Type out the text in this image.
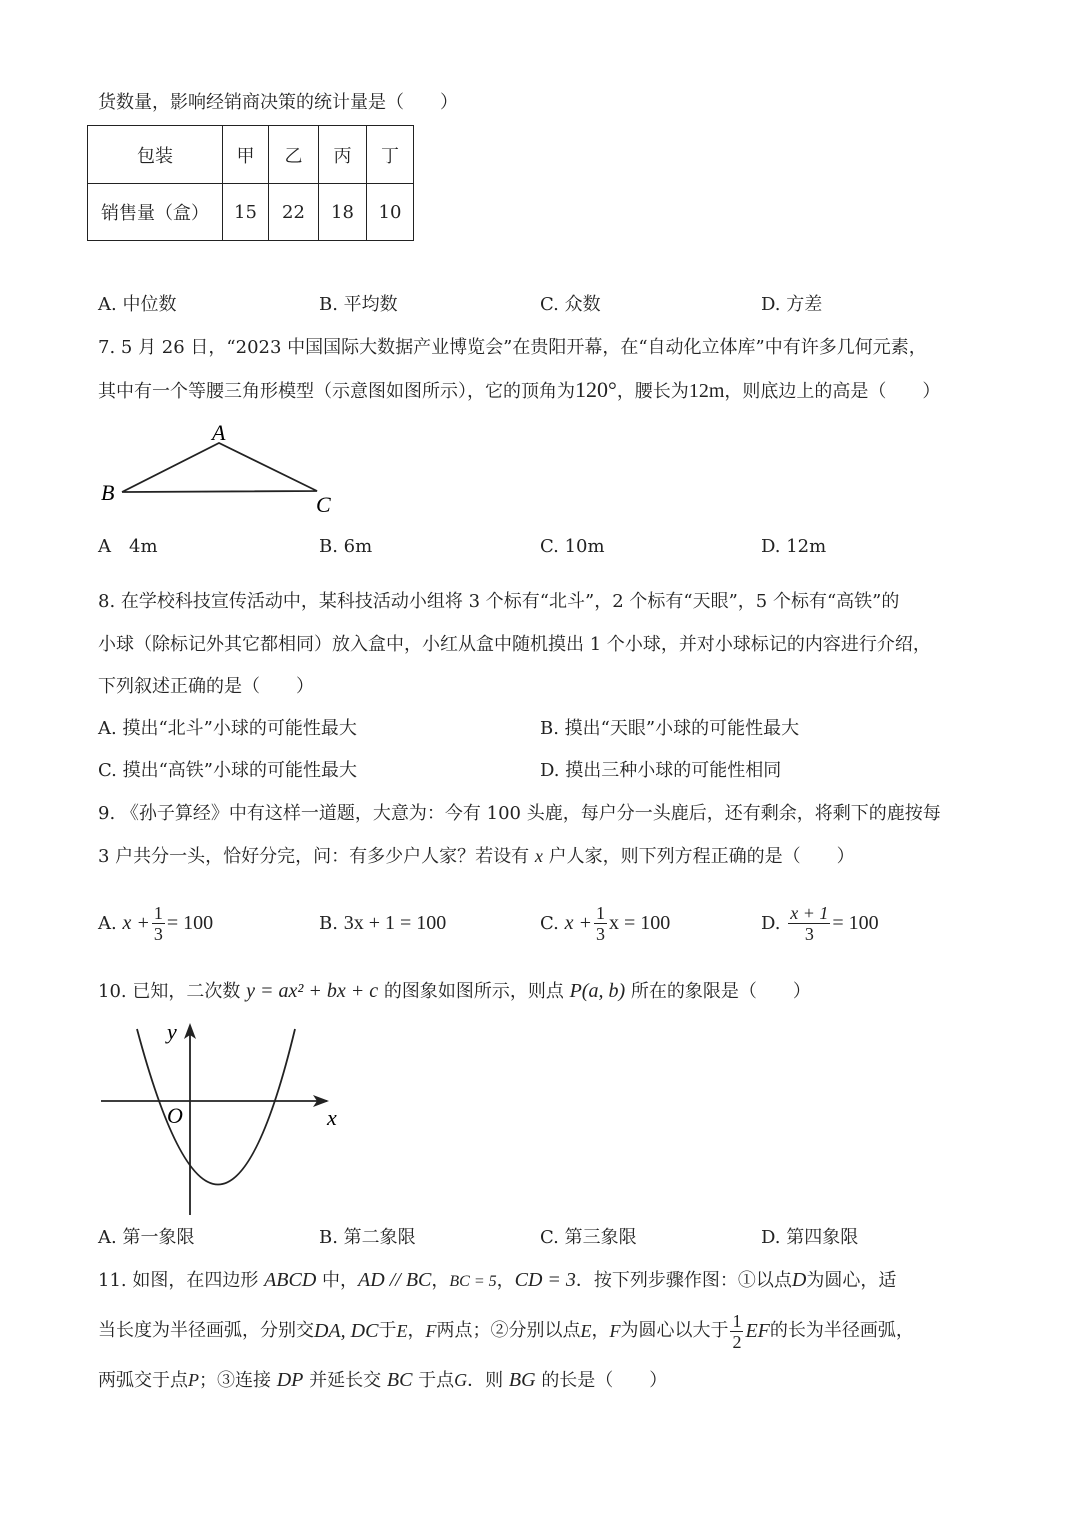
货数量，影响经销商决策的统计量是（　　）
包装	甲	乙	丙	丁
销售量（盒）	15	22	18	10
A. 中位数	B. 平均数	C. 众数	D. 方差
7. 5 月 26 日，“2023 中国国际大数据产业博览会”在贵阳开幕，在“自动化立体库”中有许多几何元素，
其中有一个等腰三角形模型（示意图如图所示），它的顶角为120°，腰长为12m，则底边上的高是（　　）
A
B	C
A　4m	B. 6m	C. 10m	D. 12m
8. 在学校科技宣传活动中，某科技活动小组将 3 个标有“北斗”，2 个标有“天眼”，5 个标有“高铁”的
小球（除标记外其它都相同）放入盒中，小红从盒中随机摸出 1 个小球，并对小球标记的内容进行介绍，
下列叙述正确的是（　　）
A. 摸出“北斗”小球的可能性最大	B. 摸出“天眼”小球的可能性最大
C. 摸出“高铁”小球的可能性最大	D. 摸出三种小球的可能性相同
9. 《孙子算经》中有这样一道题，大意为：今有 100 头鹿，每户分一头鹿后，还有剩余，将剩下的鹿按每
3 户共分一头，恰好分完，问：有多少户人家？若设有 x 户人家，则下列方程正确的是（　　）
A.
$x + \frac{1}{3} = 100$	B.
3x + 1 = 100	C.
$x + \frac{1}{3}$ x = 100	D.
$\frac{x + 1}{3} = 100$
10. 已知，二次数 y = ax² + bx + c 的图象如图所示，则点 P(a, b) 所在的象限是（　　）
y
x
O
A. 第一象限	B. 第二象限	C. 第三象限	D. 第四象限
11. 如图，在四边形 ABCD 中，AD // BC，BC = 5，CD = 3．按下列步骤作图：①以点D为圆心，适
当长度为半径画弧，分别交 DA, DC 于 E ， F 两点；②分别以点 E ， F 为圆心以大于 $\frac{1}{2}$ EF 的长为半径画弧，
两弧交于点P；③连接 DP 并延长交 BC 于点G．则 BG 的长是（　　）
